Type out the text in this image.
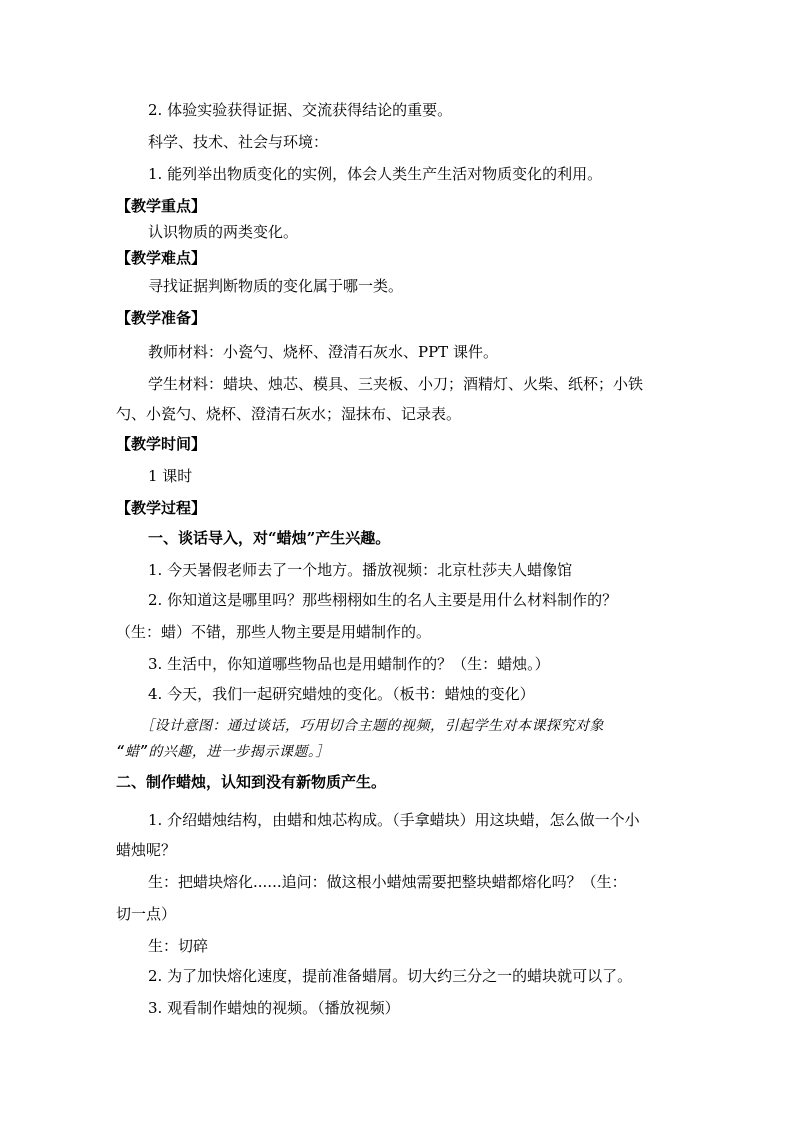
2. 体验实验获得证据、交流获得结论的重要。
科学、技术、社会与环境：
1. 能列举出物质变化的实例，体会人类生产生活对物质变化的利用。
【教学重点】
认识物质的两类变化。
【教学难点】
寻找证据判断物质的变化属于哪一类。
【教学准备】
教师材料：小瓷勺、烧杯、澄清石灰水、PPT 课件。
学生材料：蜡块、烛芯、模具、三夹板、小刀；酒精灯、火柴、纸杯；小铁
勺、小瓷勺、烧杯、澄清石灰水；湿抹布、记录表。
【教学时间】
1 课时
【教学过程】
一、谈话导入，对“蜡烛”产生兴趣。
1. 今天暑假老师去了一个地方。播放视频：北京杜莎夫人蜡像馆
2. 你知道这是哪里吗？那些栩栩如生的名人主要是用什么材料制作的？
（生：蜡）不错，那些人物主要是用蜡制作的。
3. 生活中，你知道哪些物品也是用蜡制作的？（生：蜡烛。）
4. 今天，我们一起研究蜡烛的变化。（板书：蜡烛的变化）
［设计意图：通过谈话，巧用切合主题的视频，引起学生对本课探究对象
“蜡”的兴趣，进一步揭示课题。］
二、制作蜡烛，认知到没有新物质产生。
1. 介绍蜡烛结构，由蜡和烛芯构成。（手拿蜡块）用这块蜡，怎么做一个小
蜡烛呢？
生：把蜡块熔化......追问：做这根小蜡烛需要把整块蜡都熔化吗？（生：
切一点）
生：切碎
2. 为了加快熔化速度，提前准备蜡屑。切大约三分之一的蜡块就可以了。
3. 观看制作蜡烛的视频。（播放视频）
